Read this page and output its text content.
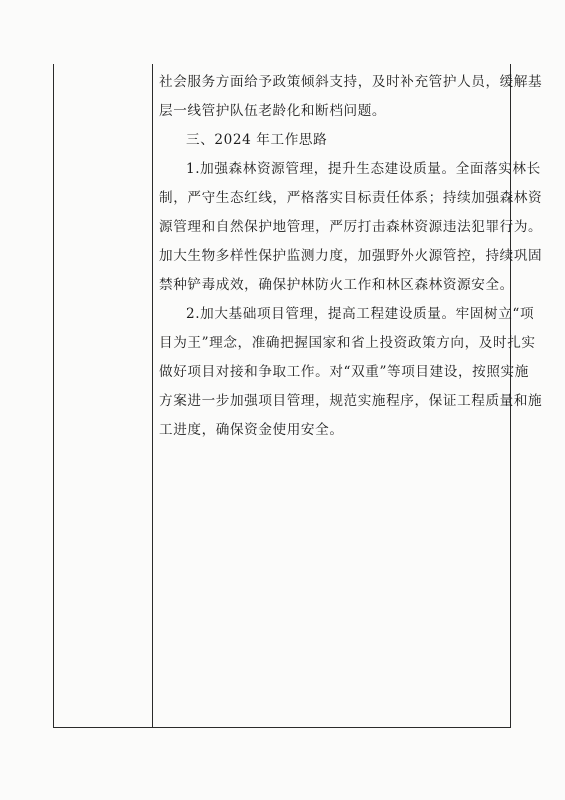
社会服务方面给予政策倾斜支持，及时补充管护人员，缓解基
层一线管护队伍老龄化和断档问题。

三、2024 年工作思路

1.加强森林资源管理，提升生态建设质量。全面落实林长
制，严守生态红线，严格落实目标责任体系；持续加强森林资
源管理和自然保护地管理，严厉打击森林资源违法犯罪行为。
加大生物多样性保护监测力度，加强野外火源管控，持续巩固
禁种铲毒成效，确保护林防火工作和林区森林资源安全。

2.加大基础项目管理，提高工程建设质量。牢固树立“项
目为王”理念，准确把握国家和省上投资政策方向，及时扎实
做好项目对接和争取工作。对“双重”等项目建设，按照实施
方案进一步加强项目管理，规范实施程序，保证工程质量和施
工进度，确保资金使用安全。
